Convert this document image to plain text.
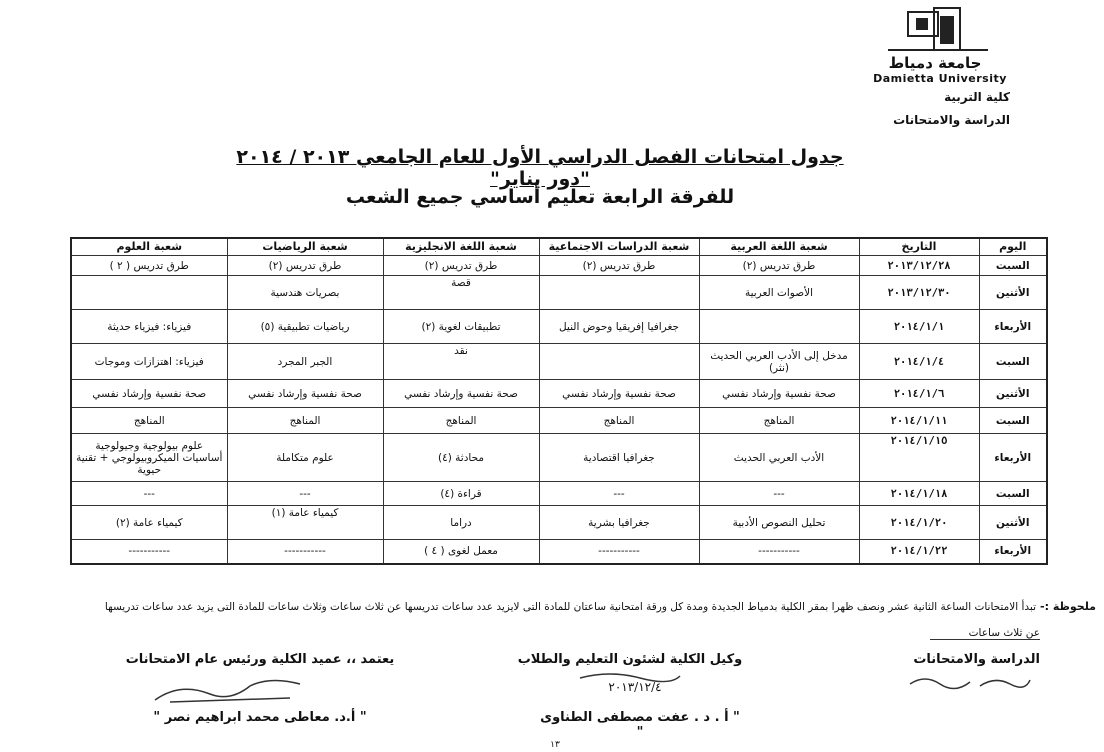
جامعة دمياط
Damietta University
كلية التربية
الدراسة والامتحانات
جدول امتحانات الفصل الدراسي الأول للعام الجامعي ٢٠١٣ / ٢٠١٤ "دور يناير"
للفرقة الرابعة تعليم أساسي جميع الشعب
اليوم	التاريخ	شعبة اللغة العربية	شعبة الدراسات الاجتماعية	شعبة اللغة الانجليزية	شعبة الرياضيات	شعبة العلوم
السبت	٢٠١٣/١٢/٢٨	طرق تدريس (٢)	طرق تدريس (٢)	طرق تدريس (٢)	طرق تدريس (٢)	طرق تدريس ( ٢ )
الأثنين	٢٠١٣/١٢/٣٠	الأصوات العربية		قصة	بصريات هندسية	
الأربعاء	٢٠١٤/١/١		جغرافيا إفريقيا وحوض النيل	تطبيقات لغوية (٢)	رياضيات تطبيقية (٥)	فيزياء: فيزياء حديثة
السبت	٢٠١٤/١/٤	مدخل إلى الأدب العربي الحديث (نثر)		نقد	الجبر المجرد	فيزياء: اهتزازات وموجات
الأثنين	٢٠١٤/١/٦	صحة نفسية وإرشاد نفسي	صحة نفسية وإرشاد نفسي	صحة نفسية وإرشاد نفسي	صحة نفسية وإرشاد نفسي	صحة نفسية وإرشاد نفسي
السبت	٢٠١٤/١/١١	المناهج	المناهج	المناهج	المناهج	المناهج
الأربعاء	٢٠١٤/١/١٥	الأدب العربي الحديث	جغرافيا اقتصادية	محادثة (٤)	علوم متكاملة	علوم بيولوجية وجيولوجية أساسيات الميكروبيولوجي + تقنية حيوية
السبت	٢٠١٤/١/١٨	---	---	قراءة (٤)	---	---
الأثنين	٢٠١٤/١/٢٠	تحليل النصوص الأدبية	جغرافيا بشرية	دراما	كيمياء عامة (١)	كيمياء عامة (٢)
الأربعاء	٢٠١٤/١/٢٢	-----------	-----------	معمل لغوى ( ٤ )	-----------	-----------
ملحوظة :-
تبدأ الامتحانات الساعة الثانية عشر ونصف ظهرا بمقر الكلية بدمياط الجديدة ومدة كل ورقة امتحانية ساعتان للمادة التى لايزيد عدد ساعات تدريسها عن ثلاث ساعات وثلاث ساعات للمادة التى يزيد عدد ساعات تدريسها
عن ثلاث ساعات
الدراسة والامتحانات
وكيل الكلية لشئون التعليم والطلاب
٢٠١٣/١٢/٤
" أ . د . عفت مصطفى الطناوى "
يعتمد ،، عميد الكلية ورئيس عام الامتحانات
" أ.د. معاطى محمد ابراهيم نصر "
١٣
